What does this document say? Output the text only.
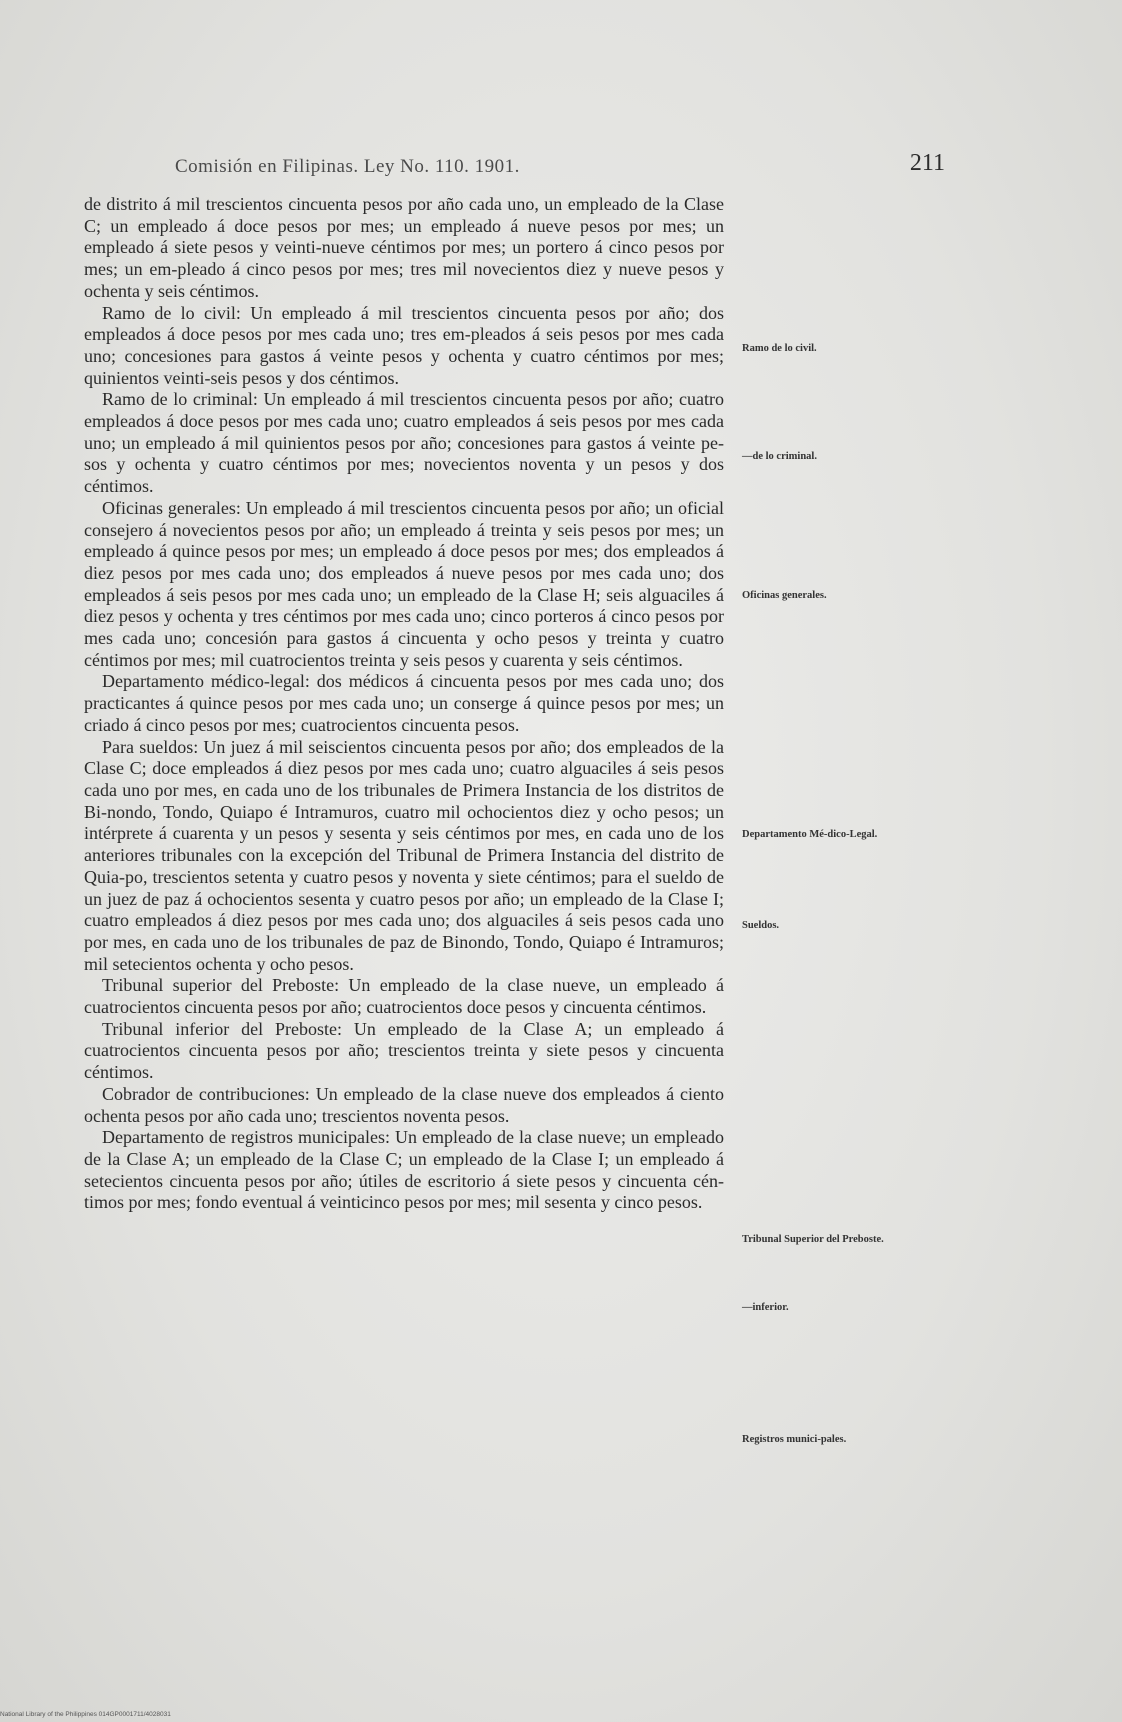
Comisión en Filipinas. Ley No. 110. 1901.	211

de distrito á mil trescientos cincuenta pesos por año cada uno, un empleado de la Clase C; un empleado á doce pesos por mes; un empleado á nueve pesos por mes; un empleado á siete pesos y veinti-nueve céntimos por mes; un portero á cinco pesos por mes; un em-pleado á cinco pesos por mes; tres mil novecientos diez y nueve pesos y ochenta y seis céntimos.

Ramo de lo civil: Un empleado á mil trescientos cincuenta pesos por año; dos empleados á doce pesos por mes cada uno; tres em-pleados á seis pesos por mes cada uno; concesiones para gastos á veinte pesos y ochenta y cuatro céntimos por mes; quinientos veinti-seis pesos y dos céntimos.

Ramo de lo criminal: Un empleado á mil trescientos cincuenta pesos por año; cuatro empleados á doce pesos por mes cada uno; cuatro empleados á seis pesos por mes cada uno; un empleado á mil quinientos pesos por año; concesiones para gastos á veinte pe-sos y ochenta y cuatro céntimos por mes; novecientos noventa y un pesos y dos céntimos.

Oficinas generales: Un empleado á mil trescientos cincuenta pesos por año; un oficial consejero á novecientos pesos por año; un empleado á treinta y seis pesos por mes; un empleado á quince pesos por mes; un empleado á doce pesos por mes; dos empleados á diez pesos por mes cada uno; dos empleados á nueve pesos por mes cada uno; dos empleados á seis pesos por mes cada uno; un empleado de la Clase H; seis alguaciles á diez pesos y ochenta y tres céntimos por mes cada uno; cinco porteros á cinco pesos por mes cada uno; concesión para gastos á cincuenta y ocho pesos y treinta y cuatro céntimos por mes; mil cuatrocientos treinta y seis pesos y cuarenta y seis céntimos.

Departamento médico-legal: dos médicos á cincuenta pesos por mes cada uno; dos practicantes á quince pesos por mes cada uno; un conserge á quince pesos por mes; un criado á cinco pesos por mes; cuatrocientos cincuenta pesos.

Para sueldos: Un juez á mil seiscientos cincuenta pesos por año; dos empleados de la Clase C; doce empleados á diez pesos por mes cada uno; cuatro alguaciles á seis pesos cada uno por mes, en cada uno de los tribunales de Primera Instancia de los distritos de Bi-nondo, Tondo, Quiapo é Intramuros, cuatro mil ochocientos diez y ocho pesos; un intérprete á cuarenta y un pesos y sesenta y seis céntimos por mes, en cada uno de los anteriores tribunales con la excepción del Tribunal de Primera Instancia del distrito de Quia-po, trescientos setenta y cuatro pesos y noventa y siete céntimos; para el sueldo de un juez de paz á ochocientos sesenta y cuatro pesos por año; un empleado de la Clase I; cuatro empleados á diez pesos por mes cada uno; dos alguaciles á seis pesos cada uno por mes, en cada uno de los tribunales de paz de Binondo, Tondo, Quiapo é Intramuros; mil setecientos ochenta y ocho pesos.

Tribunal superior del Preboste: Un empleado de la clase nueve, un empleado á cuatrocientos cincuenta pesos por año; cuatrocientos doce pesos y cincuenta céntimos.

Tribunal inferior del Preboste: Un empleado de la Clase A; un empleado á cuatrocientos cincuenta pesos por año; trescientos treinta y siete pesos y cincuenta céntimos.

Cobrador de contribuciones: Un empleado de la clase nueve dos empleados á ciento ochenta pesos por año cada uno; trescientos noventa pesos.

Departamento de registros municipales: Un empleado de la clase nueve; un empleado de la Clase A; un empleado de la Clase C; un empleado de la Clase I; un empleado á setecientos cincuenta pesos por año; útiles de escritorio á siete pesos y cincuenta cén-timos por mes; fondo eventual á veinticinco pesos por mes; mil sesenta y cinco pesos.

Ramo de lo civil.
—de lo criminal.
Oficinas generales.
Departamento Mé-dico-Legal.
Sueldos.
Tribunal Superior del Preboste.
—inferior.
Registros munici-pales.
National Library of the Philippines 014GP0001711/4028031
